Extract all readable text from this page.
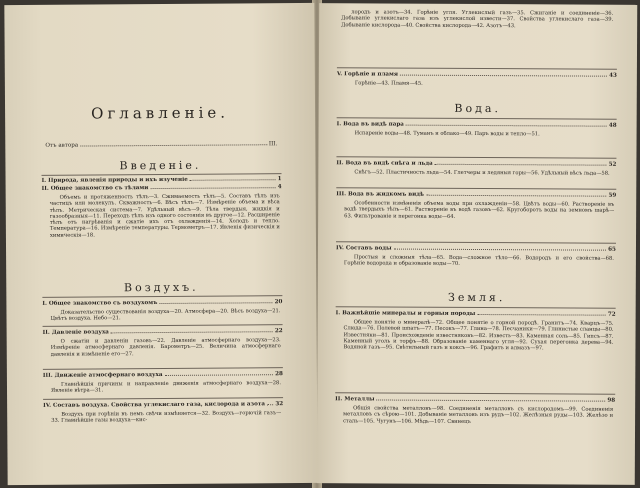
Оглавленiе.
Отъ автора	III.
Введенiе.
I. Природа, явленiя природы и ихъ изученiе	1
II. Общее знакомство съ тѣлами	4
Объемъ и протяженность тѣлъ—3. Сжимаемость тѣлъ—5. Составъ тѣлъ изъ частицъ или молекулъ. Скважность—6. Вѣсъ тѣлъ—7. Измѣренiе объема и вѣса тѣлъ. Метрическая система—7. Удѣльный вѣсъ—9. Тѣла твердыя, жидкiя и газообразныя—11. Переходъ тѣлъ изъ одного состоянiя въ другое—12. Расширенiе тѣлъ отъ нагрѣванiя и сжатiе ихъ отъ охлажденiя—14. Холодъ и тепло. Температура—16. Измѣренiе температуры. Термометръ—17. Явленiя физическiя и химическiя—18.
Воздухъ.
I. Общее знакомство съ воздухомъ	20
Доказательство существованiя воздуха—20. Атмосфера—20. Вѣсъ воздуха—21. Цвѣтъ воздуха. Небо—21.
II. Давленiе воздуха	22
О сжатiи и давленiи газовъ—22. Давленiе атмосфернаго воздуха—23. Измѣренiе атмосфернаго давленiя. Барометръ—25. Величина атмосфернаго давленiя и измѣненiе его—27.
III. Движенiе атмосфернаго воздуха	28
Главнѣйшiя причины и направленiе движенiя атмосфернаго воздуха—28. Явленiе вѣтра—31.
IV. Составъ воздуха. Свойства углекислаго газа, кислорода и азота 32
Воздухъ при горѣнiи въ немъ свѣчи измѣняется—32. Воздухъ—горючiй газъ—33. Главнѣйшiе газы воздуха—кис-
лородъ и азотъ—34. Горѣнiе угля. Углекислый газъ—35. Сжиганiе и соединенiе—36. Добыванiе углекислаго газа изъ углекислой извести—37. Свойства углекислаго газа—39. Добыванiе кислорода—40. Свойства кислорода—42. Азотъ—43.
V. Горѣнiе и пламя	43
Горѣнiе—43. Пламя—45.
Вода.
I. Вода въ видѣ пара	48
Испаренiе воды—48. Туманъ и облако—49. Паръ воды и тепло—51.
II. Вода въ видѣ снѣга и льда	52
Снѣгъ—52. Пластичность льда—54. Глетчеры и ледяныя горы—56. Удѣльный вѣсъ льда—58.
III. Вода въ жидкомъ видѣ	59
Особенности измѣненiя объема воды при охлажденiи—58. Цвѣтъ воды—60. Растворенiе въ водѣ твердыхъ тѣлъ—61. Растворенiе въ водѣ газовъ—62. Кругоборотъ воды на земномъ шарѣ—63. Фильтрованiе и перегонка воды—64.
IV. Составъ воды	65
Простыя и сложныя тѣла—65. Вода—сложное тѣло—66. Водородъ и его свойства—68. Горѣнiе водорода и образованiе воды—70.
Земля.
I. Важнѣйшiе минералы и горныя породы	72
Общее понятiе о минералѣ—72. Общее понятiе о горной породѣ. Гранитъ—74. Кварцъ—75. Слюда—76. Полевой шпатъ—77. Песокъ—77. Глина—78. Песчаники—79. Глинистые сланцы—80. Известняки—81. Происхожденiе известняковъ—82. Известь—83. Каменная соль—85. Гипсъ—87. Каменный уголь и торфъ—88. Образованiе каменнаго угля—92. Сухая перегонка дерева—94. Водяной газъ—95. Свѣтильный газъ и коксъ—96. Графитъ и алмазъ—97.
II. Металлы	98
Общiя свойства металловъ—98. Соединенiя металловъ съ кислородомъ—99. Соединенiя металловъ съ сѣрою—101. Добыванiе металловъ изъ рудъ—102. Желѣзныя руды—103. Желѣзо и сталь—105. Чугунъ—106. Мѣдь—107. Свинецъ
